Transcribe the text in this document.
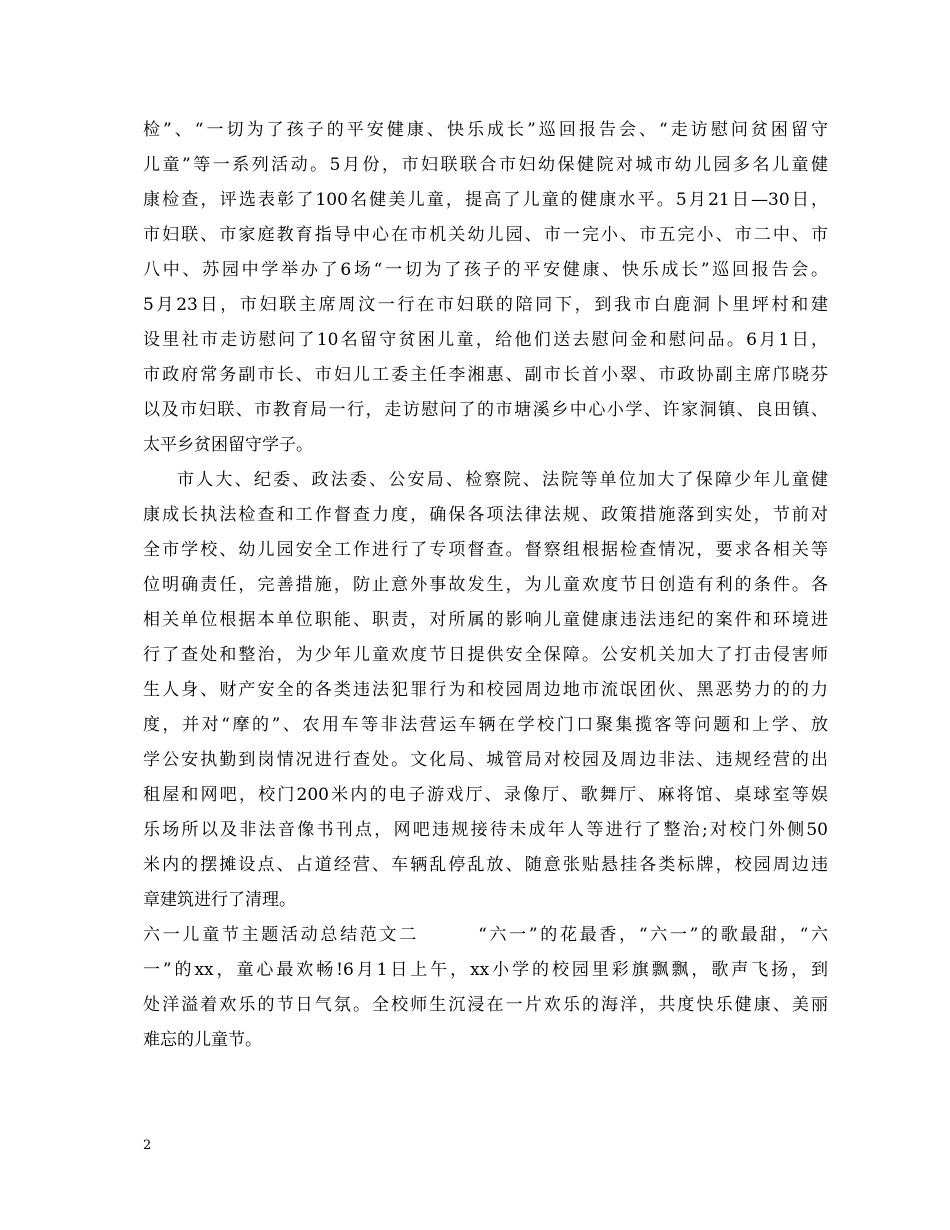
检”、“一切为了孩子的平安健康、快乐成长”巡回报告会、“走访慰问贫困留守
儿童”等一系列活动。5月份，市妇联联合市妇幼保健院对城市幼儿园多名儿童健
康检查，评选表彰了100名健美儿童，提高了儿童的健康水平。5月21日—30日，
市妇联、市家庭教育指导中心在市机关幼儿园、市一完小、市五完小、市二中、市
八中、苏园中学举办了6场“一切为了孩子的平安健康、快乐成长”巡回报告会。
5月23日，市妇联主席周汶一行在市妇联的陪同下，到我市白鹿洞卜里坪村和建
设里社市走访慰问了10名留守贫困儿童，给他们送去慰问金和慰问品。6月1日，
市政府常务副市长、市妇儿工委主任李湘惠、副市长首小翠、市政协副主席邝晓芬
以及市妇联、市教育局一行，走访慰问了的市塘溪乡中心小学、许家洞镇、良田镇、
太平乡贫困留守学子。
市人大、纪委、政法委、公安局、检察院、法院等单位加大了保障少年儿童健
康成长执法检查和工作督查力度，确保各项法律法规、政策措施落到实处，节前对
全市学校、幼儿园安全工作进行了专项督查。督察组根据检查情况，要求各相关等
位明确责任，完善措施，防止意外事故发生，为儿童欢度节日创造有利的条件。各
相关单位根据本单位职能、职责，对所属的影响儿童健康违法违纪的案件和环境进
行了查处和整治，为少年儿童欢度节日提供安全保障。公安机关加大了打击侵害师
生人身、财产安全的各类违法犯罪行为和校园周边地市流氓团伙、黑恶势力的的力
度，并对“摩的”、农用车等非法营运车辆在学校门口聚集揽客等问题和上学、放
学公安执勤到岗情况进行查处。文化局、城管局对校园及周边非法、违规经营的出
租屋和网吧，校门200米内的电子游戏厅、录像厅、歌舞厅、麻将馆、桌球室等娱
乐场所以及非法音像书刊点，网吧违规接待未成年人等进行了整治;对校门外侧50
米内的摆摊设点、占道经营、车辆乱停乱放、随意张贴悬挂各类标牌，校园周边违
章建筑进行了清理。
六一儿童节主题活动总结范文二　　　“六一”的花最香，“六一”的歌最甜，“六
一”的xx，童心最欢畅!6月1日上午，xx小学的校园里彩旗飘飘，歌声飞扬，到
处洋溢着欢乐的节日气氛。全校师生沉浸在一片欢乐的海洋，共度快乐健康、美丽
难忘的儿童节。
2
